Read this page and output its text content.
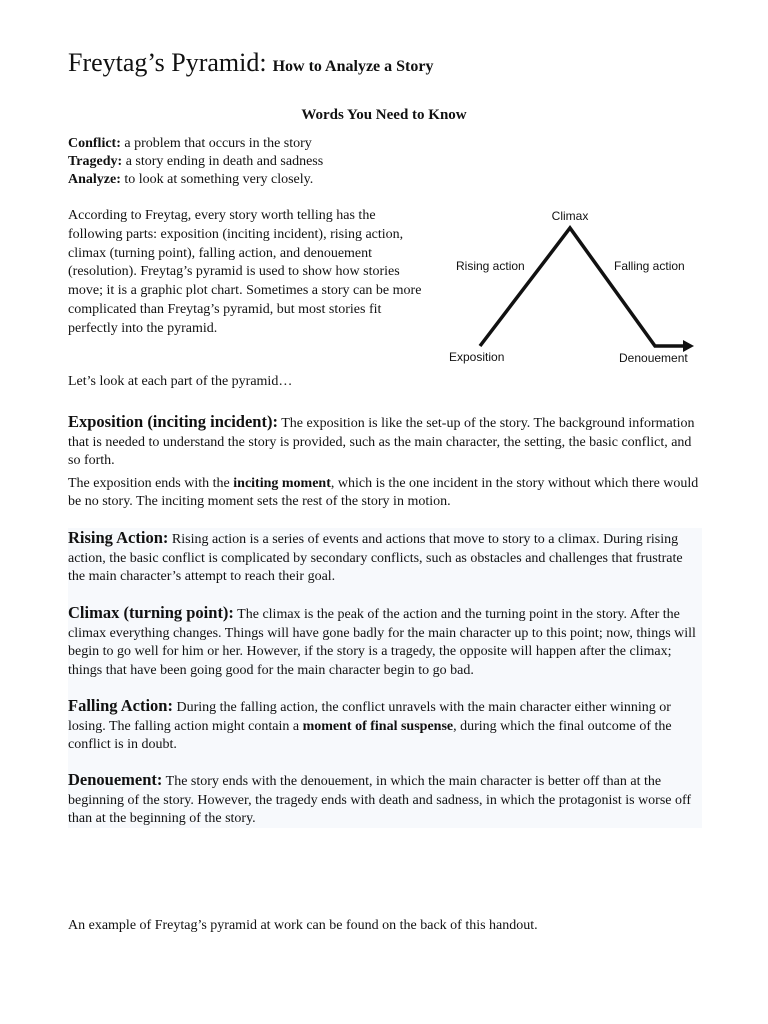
Freytag’s Pyramid: How to Analyze a Story
Words You Need to Know
Conflict: a problem that occurs in the story
Tragedy: a story ending in death and sadness
Analyze: to look at something very closely.
According to Freytag, every story worth telling has the following parts: exposition (inciting incident), rising action, climax (turning point), falling action, and denouement (resolution). Freytag’s pyramid is used to show how stories move; it is a graphic plot chart. Sometimes a story can be more complicated than Freytag’s pyramid, but most stories fit perfectly into the pyramid.
Climax
Rising action	Falling action
Exposition	Denouement
Let’s look at each part of the pyramid…

Exposition (inciting incident): The exposition is like the set-up of the story. The background information that is needed to understand the story is provided, such as the main character, the setting, the basic conflict, and so forth.

The exposition ends with the inciting moment, which is the one incident in the story without which there would be no story. The inciting moment sets the rest of the story in motion.

Rising Action: Rising action is a series of events and actions that move to story to a climax. During rising action, the basic conflict is complicated by secondary conflicts, such as obstacles and challenges that frustrate the main character’s attempt to reach their goal.

Climax (turning point): The climax is the peak of the action and the turning point in the story. After the climax everything changes. Things will have gone badly for the main character up to this point; now, things will begin to go well for him or her. However, if the story is a tragedy, the opposite will happen after the climax; things that have been going good for the main character begin to go bad.

Falling Action: During the falling action, the conflict unravels with the main character either winning or losing. The falling action might contain a moment of final suspense, during which the final outcome of the conflict is in doubt.

Denouement: The story ends with the denouement, in which the main character is better off than at the beginning of the story. However, the tragedy ends with death and sadness, in which the protagonist is worse off than at the beginning of the story.

An example of Freytag’s pyramid at work can be found on the back of this handout.
